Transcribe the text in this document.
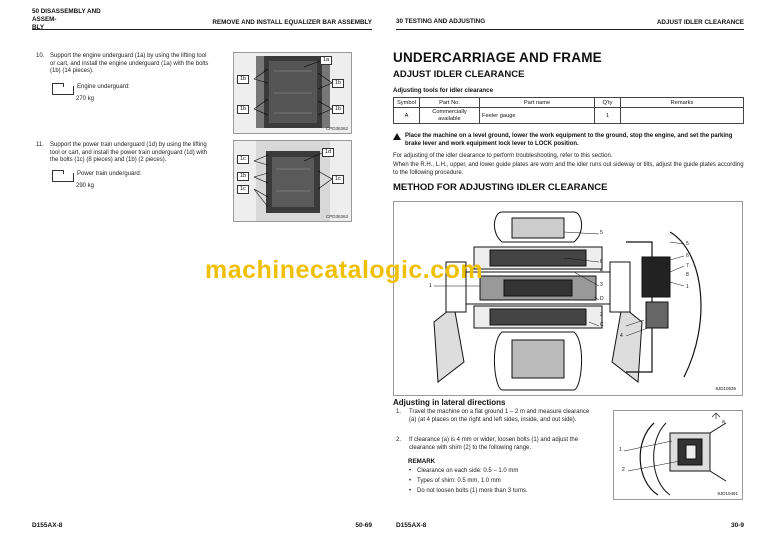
50 DISASSEMBLY AND ASSEM-
BLY
REMOVE AND INSTALL EQUALIZER BAR ASSEMBLY
10. Support the engine underguard (1a) by using the lifting tool or cart, and install the engine underguard (1a) with the bolts (1b) (14 pieces).
Engine underguard:
270 kg
1a
1b
1b
1b	1b
CPD36362
11. Support the power train underguard (1d) by using the lifting tool or cart, and install the power train underguard (1d) with the bolts (1c) (8 pieces) and (1b) (2 pieces).
Power train underguard:
290 kg
1d
1c
1c
1b
1c
CPD36363
D155AX-8	50-69
30 TESTING AND ADJUSTING	ADJUST IDLER CLEARANCE
D155AX-8	30-9
UNDERCARRIAGE AND FRAME
ADJUST IDLER CLEARANCE
Adjusting tools for idler clearance
Symbol	Part No.	Part name	Q'ty	Remarks
A	Commercially available	Feeler gauge	1	
Place the machine on a level ground, lower the work equipment to the ground, stop the engine, and set the parking brake lever and work equipment lock lever to LOCK position.
For adjusting of the idler clearance to perform troubleshooting, refer to this section.
When the R.H., L.H., upper, and lower guide plates are worn and the idler runs out sideway or tilts, adjust the guide plates according to the following procedure.
METHOD FOR ADJUSTING IDLER CLEARANCE
5
6
3
D
C
1
2
4
5
6
7
8
1
4
9JD10535
Adjusting in lateral directions
1. Travel the machine on a flat ground 1 – 2 m and measure clearance (a) (at 4 places on the right and left sides, inside, and out side).
2. If clearance (a) is 4 mm or wider, loosen bolts (1) and adjust the clearance with shim (2) to the following range.
REMARK
• Clearance on each side: 0.5 – 1.0 mm
• Types of shim: 0.5 mm, 1.0 mm
• Do not loosen bolts (1) more than 3 turns.
1
2
a
9JD10491
machinecatalogic.com
